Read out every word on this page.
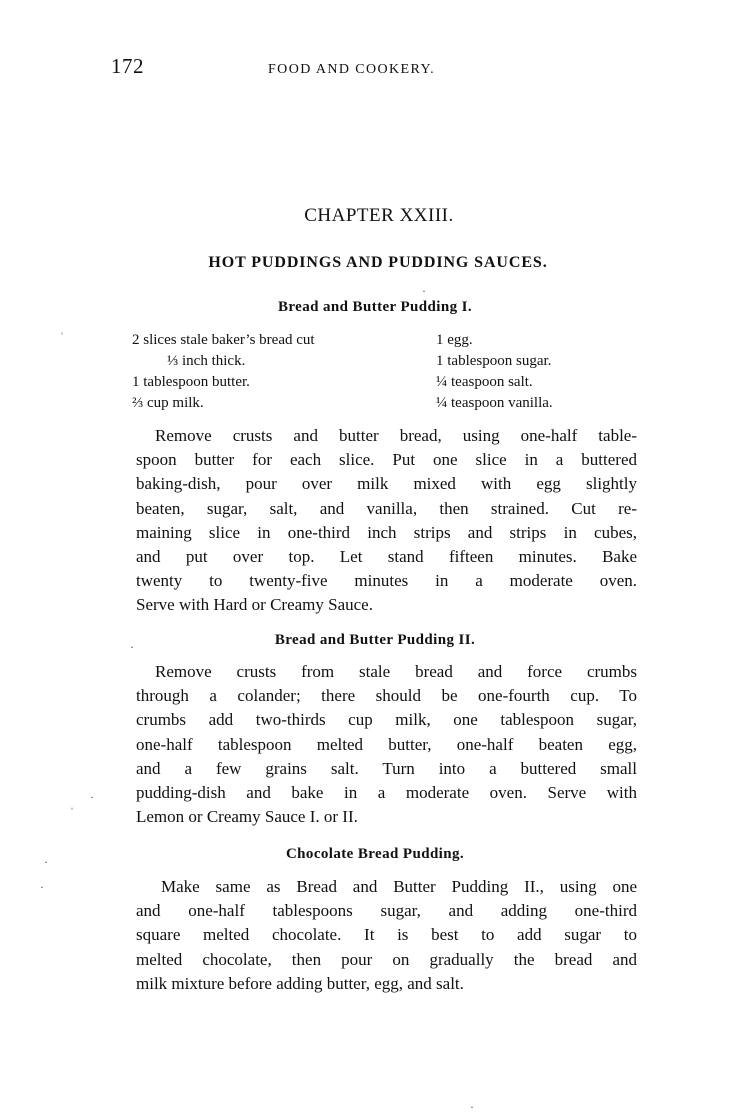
172	FOOD AND COOKERY.
CHAPTER XXIII.
HOT PUDDINGS AND PUDDING SAUCES.
Bread and Butter Pudding I.
2 slices stale baker’s bread cut
⅓ inch thick.
1 tablespoon butter.
⅔ cup milk.
1 egg.
1 tablespoon sugar.
¼ teaspoon salt.
¼ teaspoon vanilla.
Remove crusts and butter bread, using one-half table-
spoon butter for each slice. Put one slice in a buttered
baking-dish, pour over milk mixed with egg slightly
beaten, sugar, salt, and vanilla, then strained. Cut re-
maining slice in one-third inch strips and strips in cubes,
and put over top. Let stand fifteen minutes. Bake
twenty to twenty-five minutes in a moderate oven.
Serve with Hard or Creamy Sauce.
Bread and Butter Pudding II.
Remove crusts from stale bread and force crumbs
through a colander; there should be one-fourth cup. To
crumbs add two-thirds cup milk, one tablespoon sugar,
one-half tablespoon melted butter, one-half beaten egg,
and a few grains salt. Turn into a buttered small
pudding-dish and bake in a moderate oven. Serve with
Lemon or Creamy Sauce I. or II.
Chocolate Bread Pudding.
Make same as Bread and Butter Pudding II., using one
and one-half tablespoons sugar, and adding one-third
square melted chocolate. It is best to add sugar to
melted chocolate, then pour on gradually the bread and
milk mixture before adding butter, egg, and salt.
ˈ
·
·
·
ˈ
·
·
·
